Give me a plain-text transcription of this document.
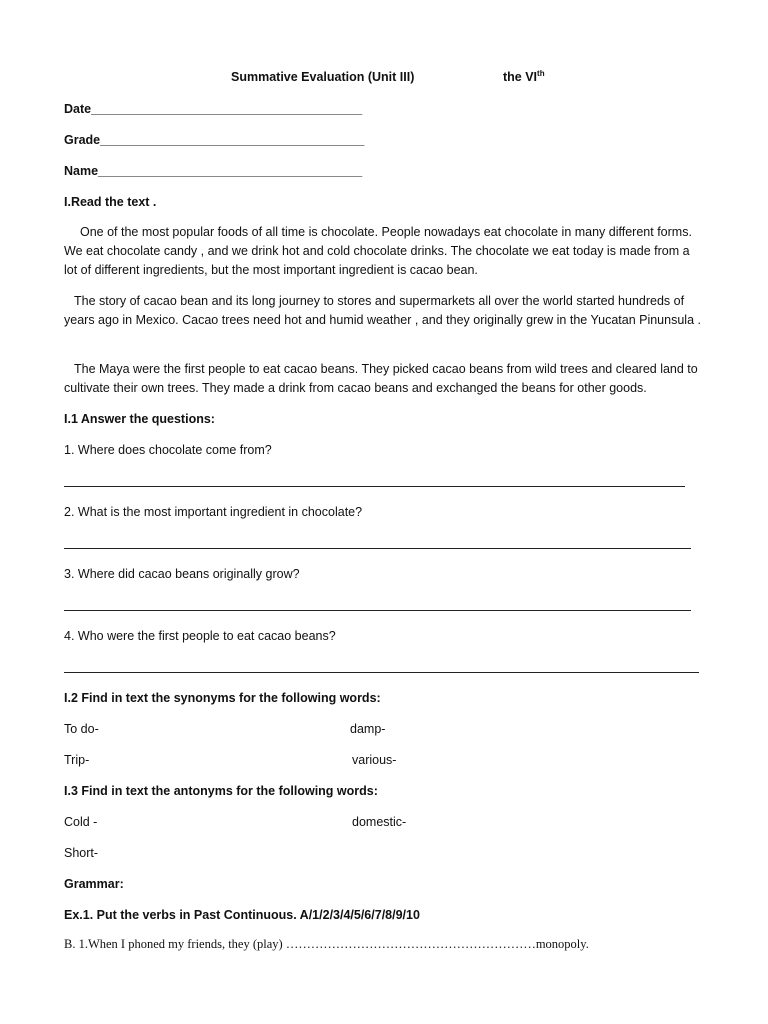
Summative Evaluation (Unit III)	the VIth
Date_______________________________________
Grade______________________________________
Name______________________________________
I.Read the text .

One of the most popular foods of all time is chocolate. People nowadays eat chocolate in many different forms. We eat chocolate candy , and we drink hot and cold chocolate drinks. The chocolate we eat today is made from a lot of different ingredients, but the most important ingredient is cacao bean.

The story of cacao bean and its long journey to stores and supermarkets all over the world started hundreds of years ago in Mexico. Cacao trees need hot and humid weather , and they originally grew in the Yucatan Pinunsula .

The Maya were the first people to eat cacao beans. They picked cacao beans from wild trees and cleared land to cultivate their own trees. They made a drink from cacao beans and exchanged the beans for other goods.

I.1 Answer the questions:
1. Where does chocolate come from?
2. What is the most important ingredient in chocolate?
3. Where did cacao beans originally grow?
4. Who were the first people to eat cacao beans?
I.2 Find in text the synonyms for the following words:
To do-	damp-
Trip-	various-
I.3 Find in text the antonyms for the following words:
Cold -	domestic-
Short-
Grammar:
Ex.1. Put the verbs in Past Continuous. A/1/2/3/4/5/6/7/8/9/10
B. 1.When I phoned my friends, they (play) ……………………………………………………monopoly.
